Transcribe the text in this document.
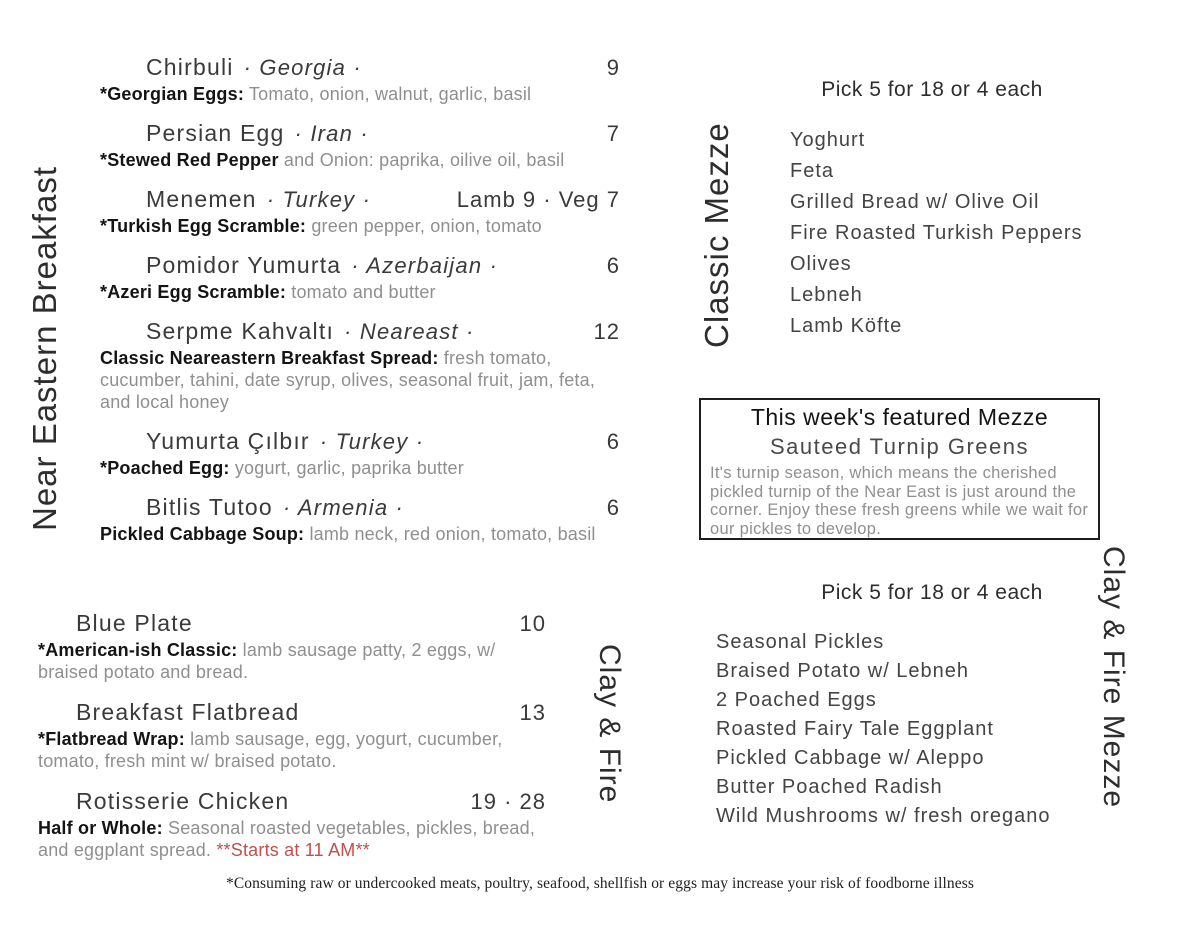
Near Eastern Breakfast	Classic Mezze
Clay & Fire	Clay & Fire Mezze
Chirbuli · Georgia ·	9
*Georgian Eggs: Tomato, onion, walnut, garlic, basil
Persian Egg · Iran ·	7
*Stewed Red Pepper and Onion: paprika, oilive oil, basil
Menemen · Turkey ·	Lamb 9 · Veg 7
*Turkish Egg Scramble: green pepper, onion, tomato
Pomidor Yumurta · Azerbaijan ·	6
*Azeri Egg Scramble: tomato and butter
Serpme Kahvaltı · Neareast ·	12
Classic Neareastern Breakfast Spread: fresh tomato, cucumber, tahini, date syrup, olives, seasonal fruit, jam, feta, and local honey
Yumurta Çılbır · Turkey ·	6
*Poached Egg: yogurt, garlic, paprika butter
Bitlis Tutoo · Armenia ·	6
Pickled Cabbage Soup: lamb neck, red onion, tomato, basil
Blue Plate	10
*American-ish Classic: lamb sausage patty, 2 eggs, w/ braised potato and bread.
Breakfast Flatbread	13
*Flatbread Wrap: lamb sausage, egg, yogurt, cucumber, tomato, fresh mint w/ braised potato.
Rotisserie Chicken	19 · 28
Half or Whole: Seasonal roasted vegetables, pickles, bread, and eggplant spread. **Starts at 11 AM**
Pick 5 for 18 or 4 each
Yoghurt
Feta
Grilled Bread w/ Olive Oil
Fire Roasted Turkish Peppers
Olives
Lebneh
Lamb Köfte
This week's featured Mezze
Sauteed Turnip Greens
It's turnip season, which means the cherished pickled turnip of the Near East is just around the corner. Enjoy these fresh greens while we wait for our pickles to develop.
Pick 5 for 18 or 4 each
Seasonal Pickles
Braised Potato w/ Lebneh
2 Poached Eggs
Roasted Fairy Tale Eggplant
Pickled Cabbage w/ Aleppo
Butter Poached Radish
Wild Mushrooms w/ fresh oregano
*Consuming raw or undercooked meats, poultry, seafood, shellfish or eggs may increase your risk of foodborne illness
